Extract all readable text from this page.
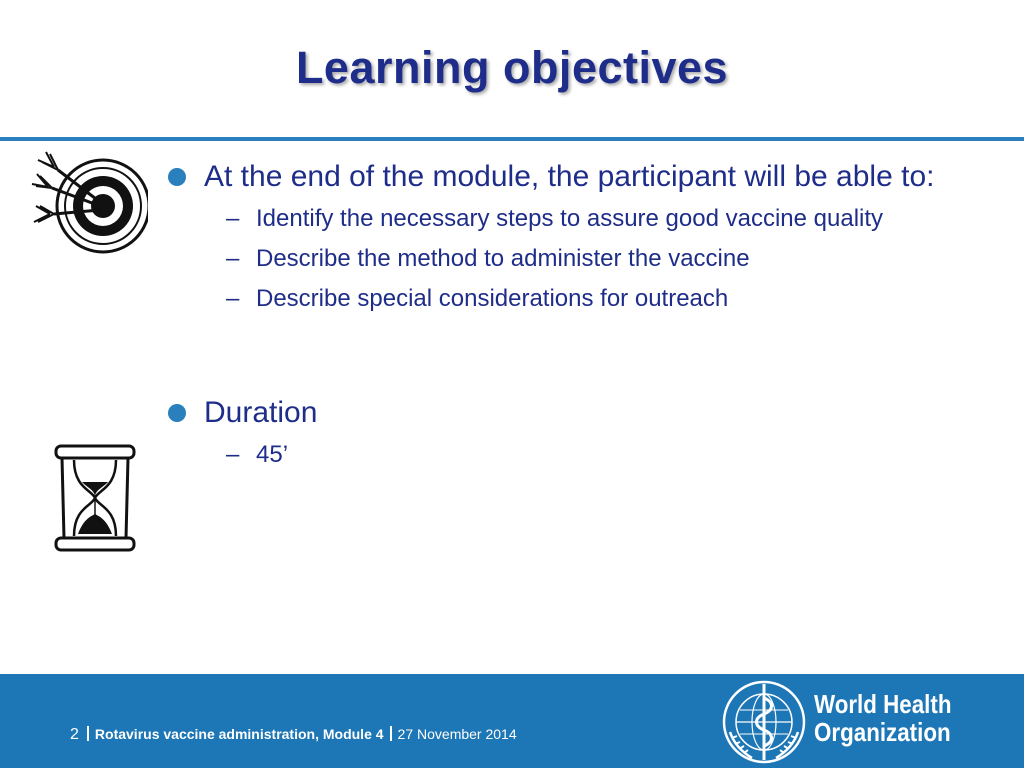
Learning objectives
At the end of the module, the participant will be able to:
– Identify the necessary steps to assure good vaccine quality
– Describe the method to administer the vaccine
– Describe special considerations for outreach
Duration
– 45’
2 Rotavirus vaccine administration, Module 4 27 November 2014
World Health
Organization
